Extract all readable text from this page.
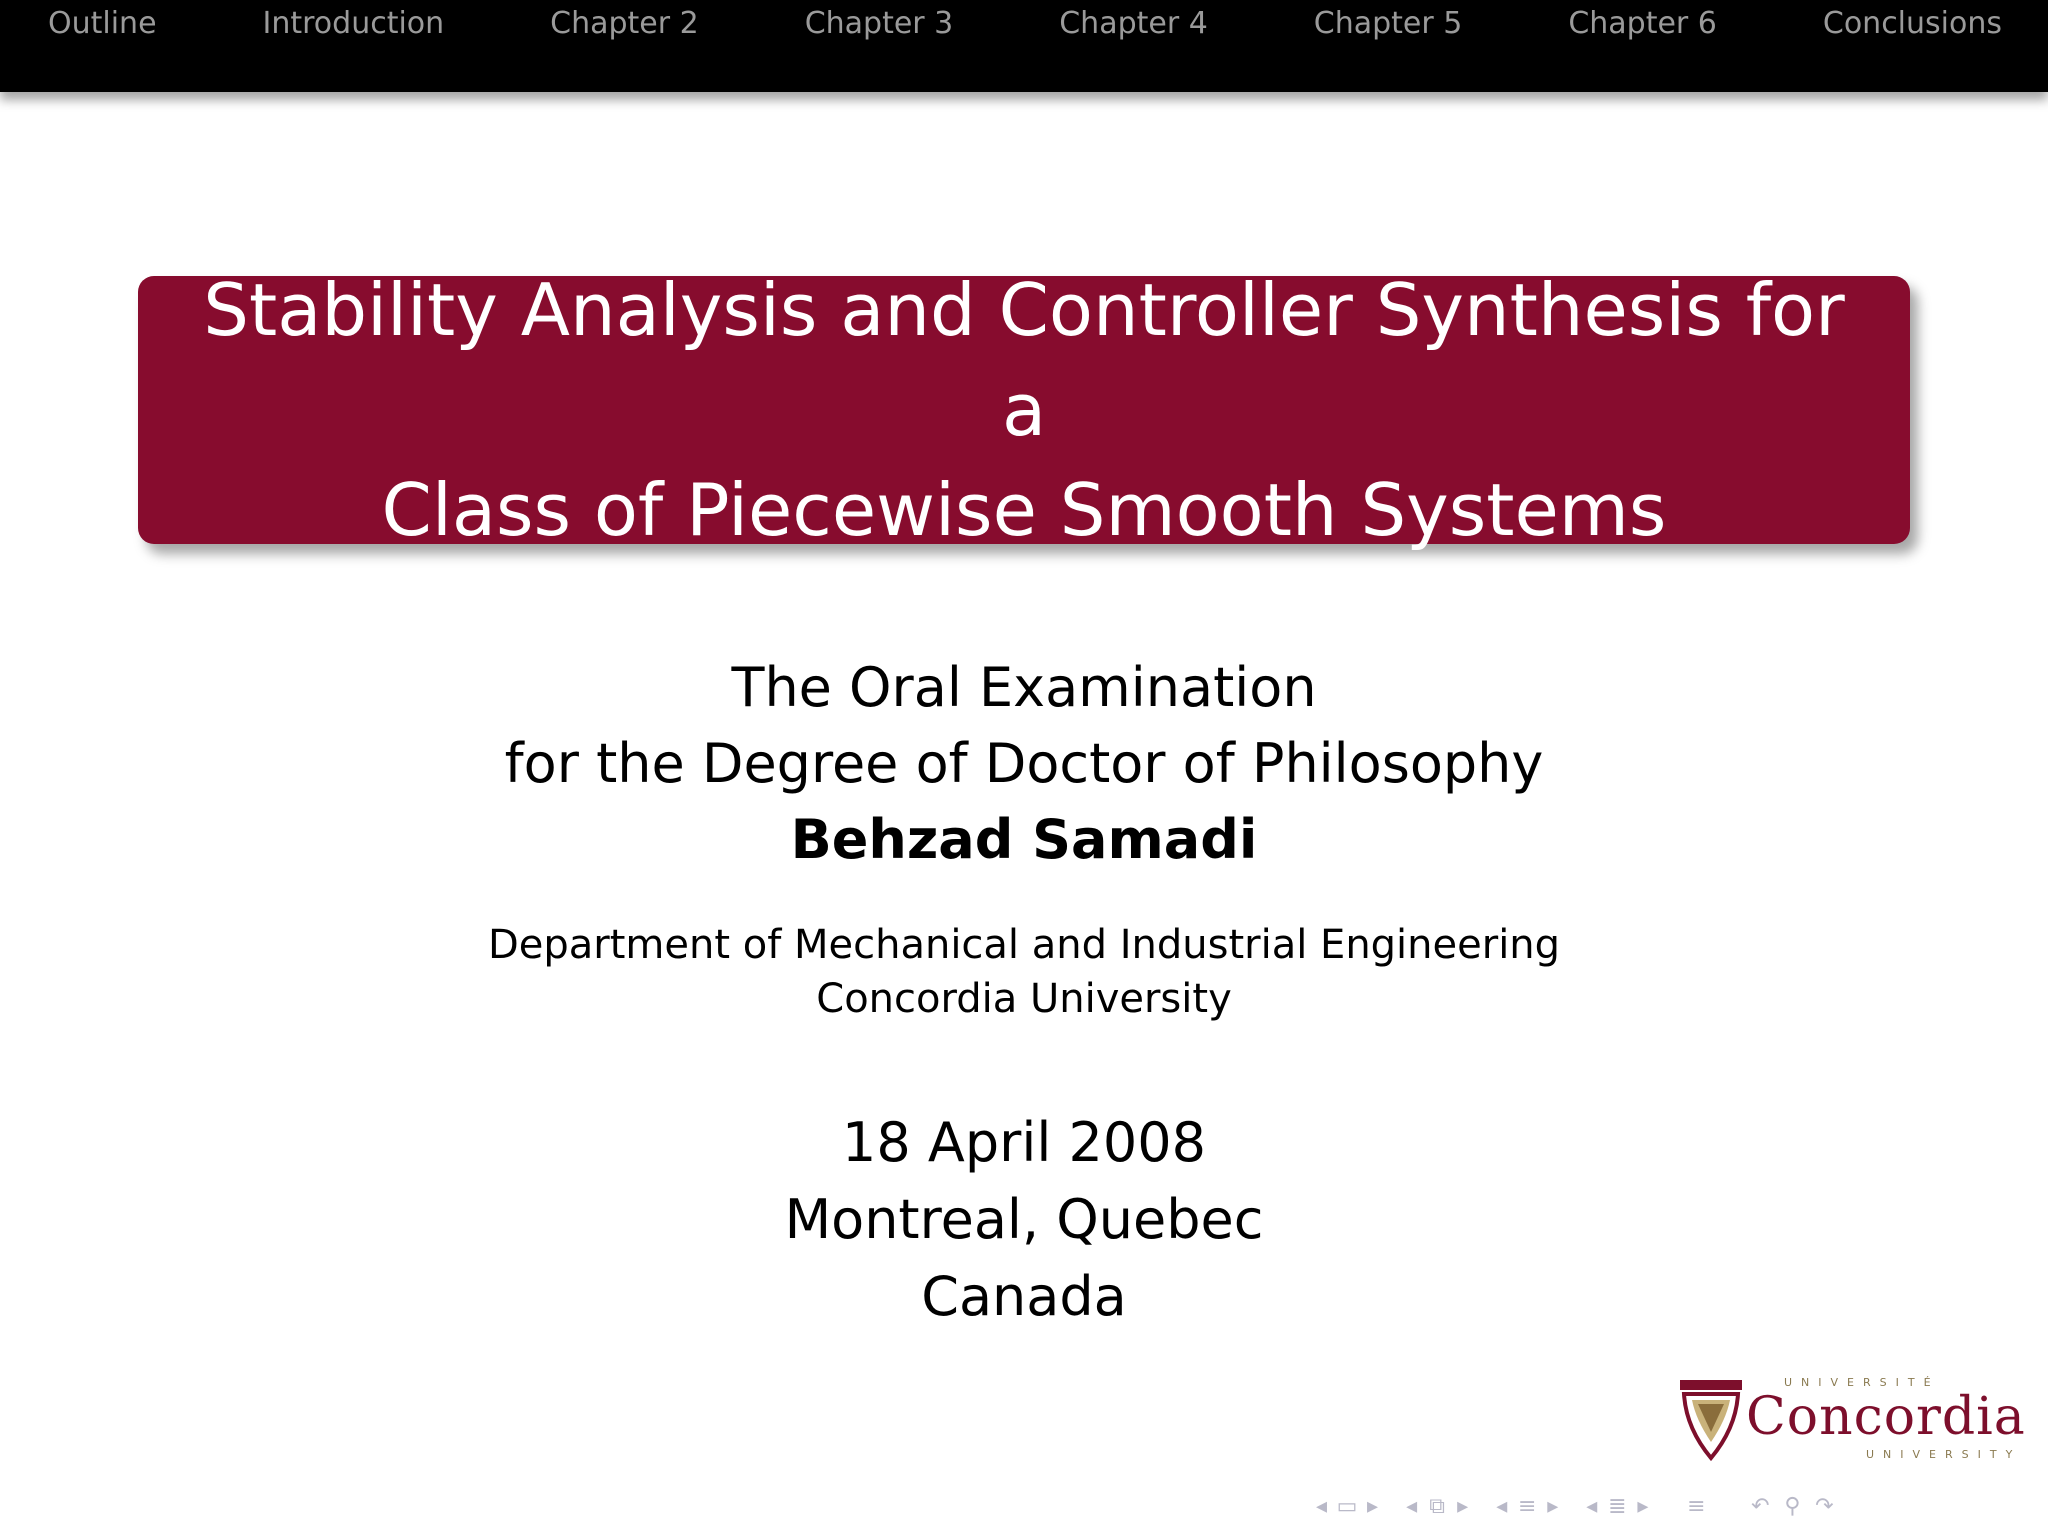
Outline	Introduction	Chapter 2	Chapter 3	Chapter 4	Chapter 5	Chapter 6	Conclusions
Stability Analysis and Controller Synthesis for a
Class of Piecewise Smooth Systems
The Oral Examination
for the Degree of Doctor of Philosophy
Behzad Samadi
Department of Mechanical and Industrial Engineering
Concordia University
18 April 2008
Montreal, Quebec
Canada
UNIVERSITÉ
Concordia
UNIVERSITY
◂ ▭ ▸ ◂ ⧉ ▸ ◂ ≡ ▸ ◂ ≣ ▸	≡	↶ ⚲ ↷
